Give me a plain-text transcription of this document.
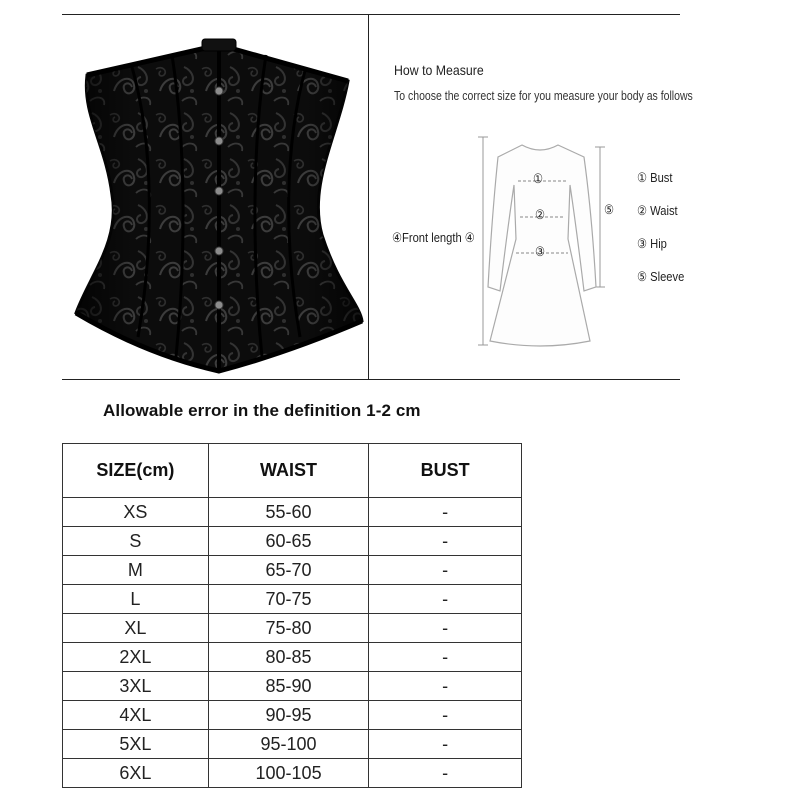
How to Measure
To choose the correct size for you measure your body as follows
①
②
③
⑤
④Front length ④
① Bust
② Waist
③ Hip
⑤ Sleeve
Allowable error in the definition 1-2 cm
SIZE(cm)	WAIST	BUST
XS	55-60	-
S	60-65	-
M	65-70	-
L	70-75	-
XL	75-80	-
2XL	80-85	-
3XL	85-90	-
4XL	90-95	-
5XL	95-100	-
6XL	100-105	-
